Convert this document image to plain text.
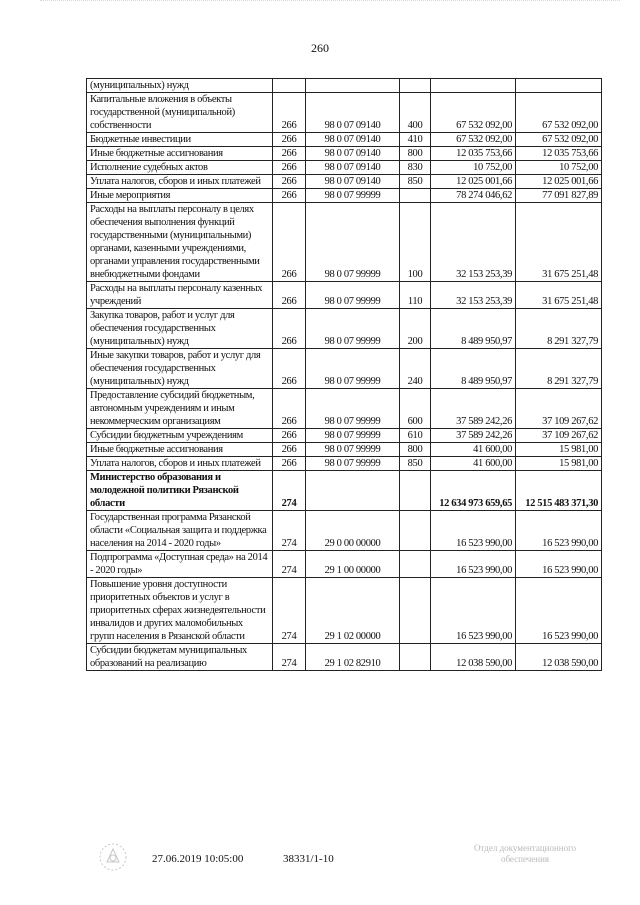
260
(муниципальных) нужд					
Капитальные вложения в объекты государственной (муниципальной) собственности	266	98 0 07 09140	400	67 532 092,00	67 532 092,00
Бюджетные инвестиции	266	98 0 07 09140	410	67 532 092,00	67 532 092,00
Иные бюджетные ассигнования	266	98 0 07 09140	800	12 035 753,66	12 035 753,66
Исполнение судебных актов	266	98 0 07 09140	830	10 752,00	10 752,00
Уплата налогов, сборов и иных платежей	266	98 0 07 09140	850	12 025 001,66	12 025 001,66
Иные мероприятия	266	98 0 07 99999		78 274 046,62	77 091 827,89
Расходы на выплаты персоналу в целях обеспечения выполнения функций государственными (муниципальными) органами, казенными учреждениями, органами управления государственными внебюджетными фондами	266	98 0 07 99999	100	32 153 253,39	31 675 251,48
Расходы на выплаты персоналу казенных учреждений	266	98 0 07 99999	110	32 153 253,39	31 675 251,48
Закупка товаров, работ и услуг для обеспечения государственных (муниципальных) нужд	266	98 0 07 99999	200	8 489 950,97	8 291 327,79
Иные закупки товаров, работ и услуг для обеспечения государственных (муниципальных) нужд	266	98 0 07 99999	240	8 489 950,97	8 291 327,79
Предоставление субсидий бюджетным, автономным учреждениям и иным некоммерческим организациям	266	98 0 07 99999	600	37 589 242,26	37 109 267,62
Субсидии бюджетным учреждениям	266	98 0 07 99999	610	37 589 242,26	37 109 267,62
Иные бюджетные ассигнования	266	98 0 07 99999	800	41 600,00	15 981,00
Уплата налогов, сборов и иных платежей	266	98 0 07 99999	850	41 600,00	15 981,00
Министерство образования и молодежной политики Рязанской области	274			12 634 973 659,65	12 515 483 371,30
Государственная программа Рязанской области «Социальная защита и поддержка населения на 2014 - 2020 годы»	274	29 0 00 00000		16 523 990,00	16 523 990,00
Подпрограмма «Доступная среда» на 2014 - 2020 годы»	274	29 1 00 00000		16 523 990,00	16 523 990,00
Повышение уровня доступности приоритетных объектов и услуг в приоритетных сферах жизнедеятельности инвалидов и других маломобильных групп населения в Рязанской области	274	29 1 02 00000		16 523 990,00	16 523 990,00
Субсидии бюджетам муниципальных образований на реализацию	274	29 1 02 82910		12 038 590,00	12 038 590,00
27.06.2019 10:05:00	38331/1-10
Отдел документационного
обеспечения
